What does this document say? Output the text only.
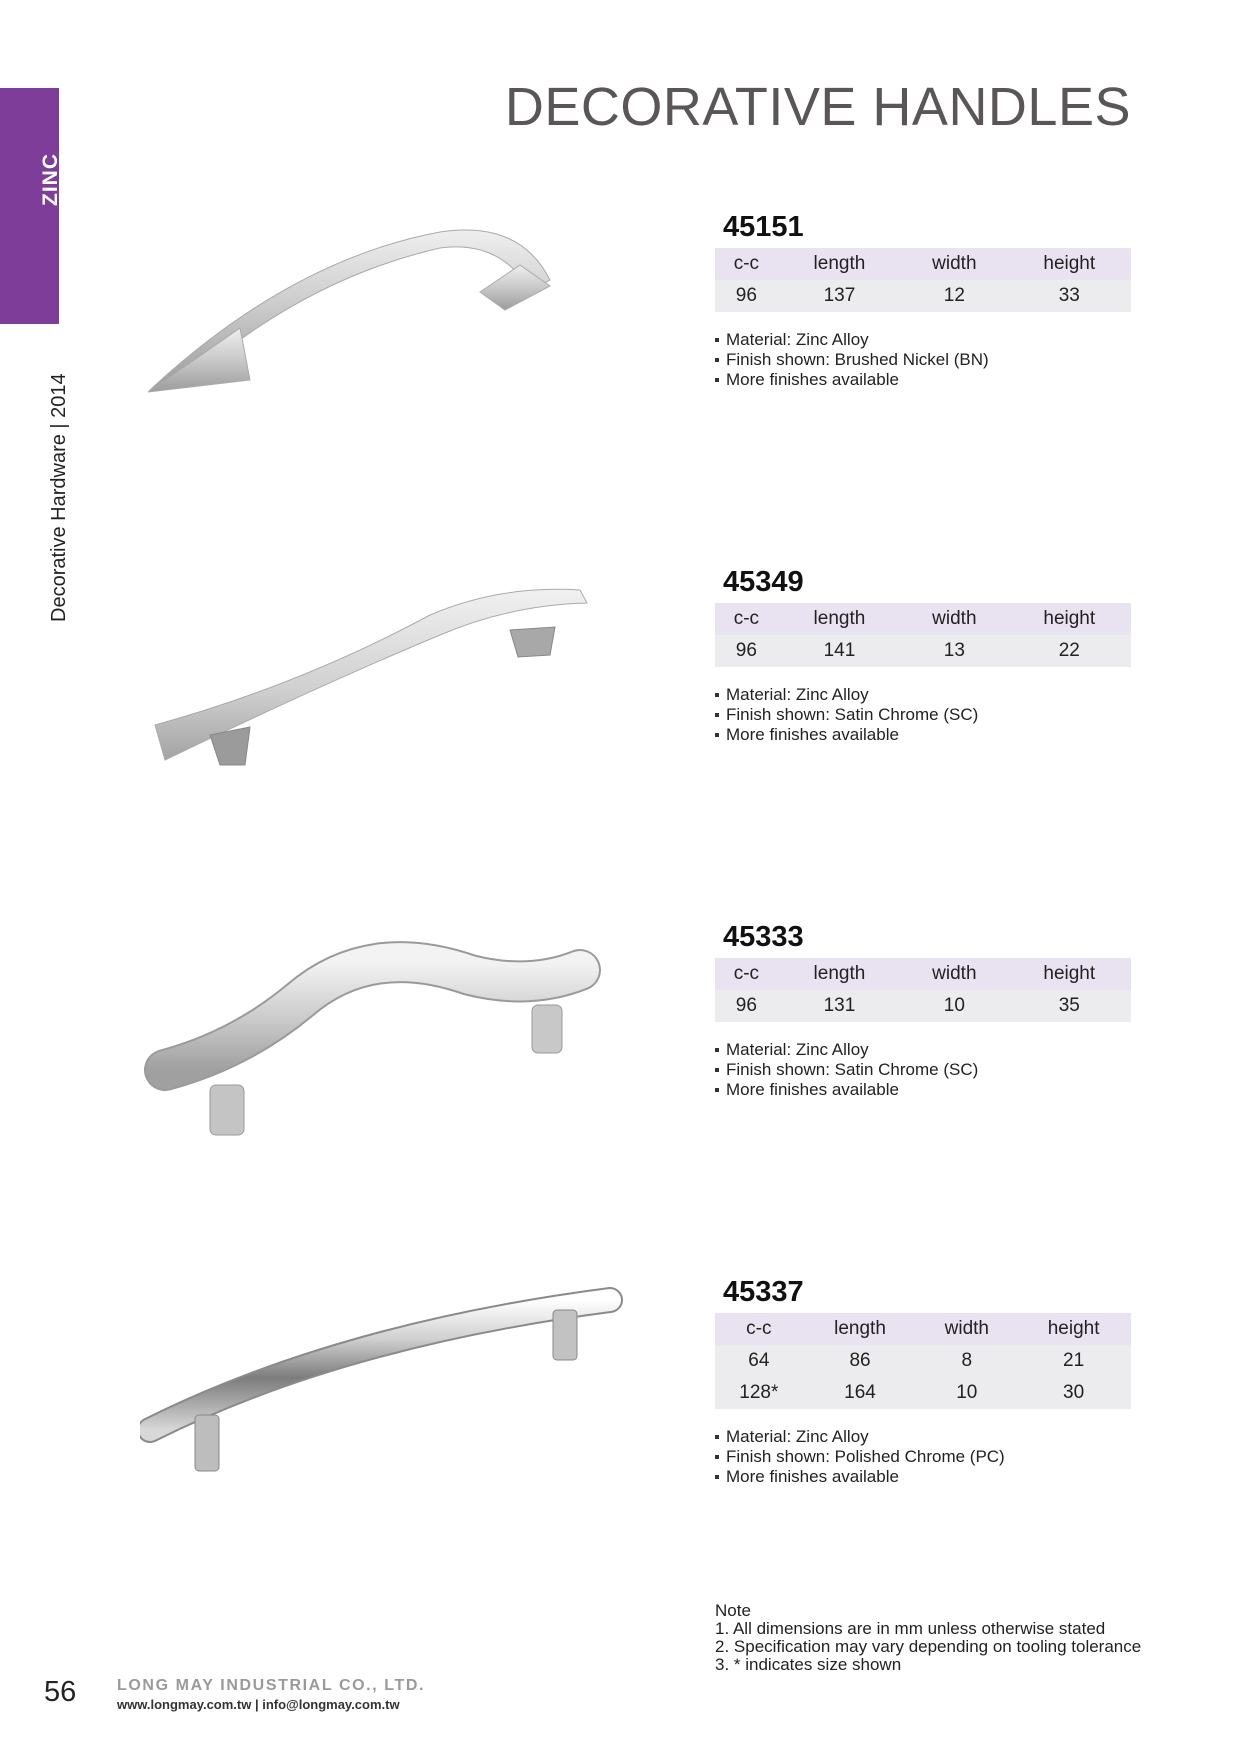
ZINC
Decorative Hardware | 2014
DECORATIVE HANDLES
45151
c-c	length	width	height
96	137	12	33
Material: Zinc Alloy
Finish shown: Brushed Nickel (BN)
More finishes available
45349
c-c	length	width	height
96	141	13	22
Material: Zinc Alloy
Finish shown: Satin Chrome (SC)
More finishes available
45333
c-c	length	width	height
96	131	10	35
Material: Zinc Alloy
Finish shown: Satin Chrome (SC)
More finishes available
45337
c-c	length	width	height
64	86	8	21
128*	164	10	30
Material: Zinc Alloy
Finish shown: Polished Chrome (PC)
More finishes available
Note
1. All dimensions are in mm unless otherwise stated
2. Specification may vary depending on tooling tolerance
3. * indicates size shown
56	LONG MAY INDUSTRIAL CO., LTD.
www.longmay.com.tw | info@longmay.com.tw
